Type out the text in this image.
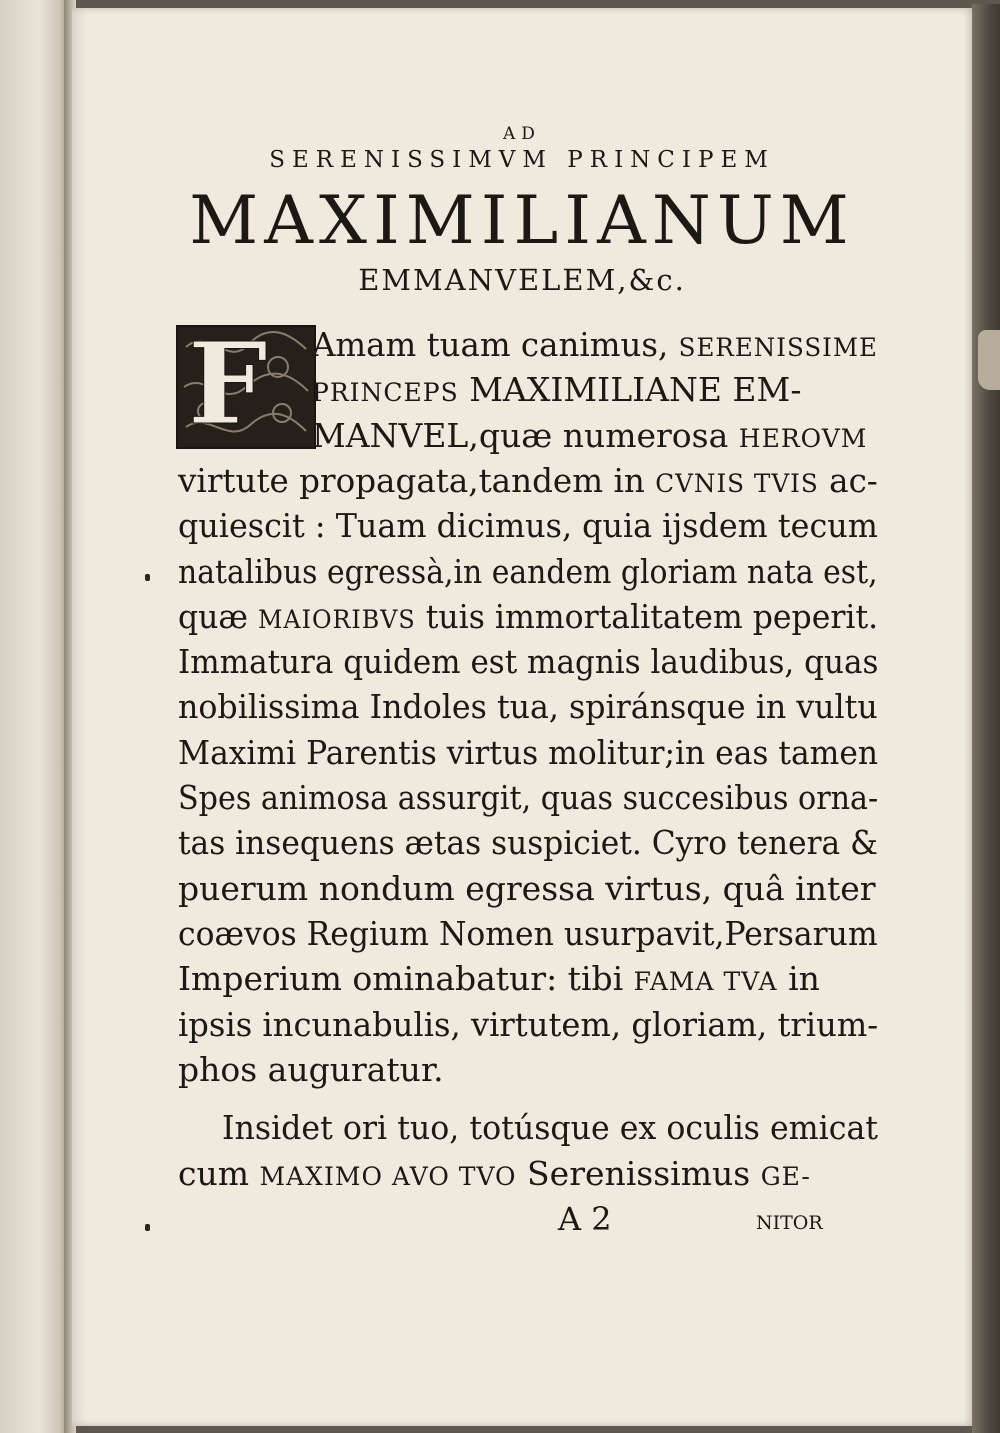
AD
SERENISSIMVM PRINCIPEM
MAXIMILIANUM
EMMANVELEM,&c.
F
A 2	NITOR
Amam tuam canimus, SERENISSIME
PRINCEPS MAXIMILIANE EM-
MANVEL,quæ numerosa HEROVM
virtute propagata,tandem in CVNIS TVIS ac-
quiescit : Tuam dicimus, quia ijsdem tecum
natalibus egressà,in eandem gloriam nata est,
quæ MAIORIBVS tuis immortalitatem peperit.
Immatura quidem est magnis laudibus, quas
nobilissima Indoles tua, spiránsque in vultu
Maximi Parentis virtus molitur;in eas tamen
Spes animosa assurgit, quas succesibus orna-
tas insequens ætas suspiciet. Cyro tenera &
puerum nondum egressa virtus, quâ inter
coævos Regium Nomen usurpavit,Persarum
Imperium ominabatur: tibi FAMA TVA in
ipsis incunabulis, virtutem, gloriam, trium-
phos auguratur.
Insidet ori tuo, totúsque ex oculis emicat
cum MAXIMO AVO TVO Serenissimus GE-
